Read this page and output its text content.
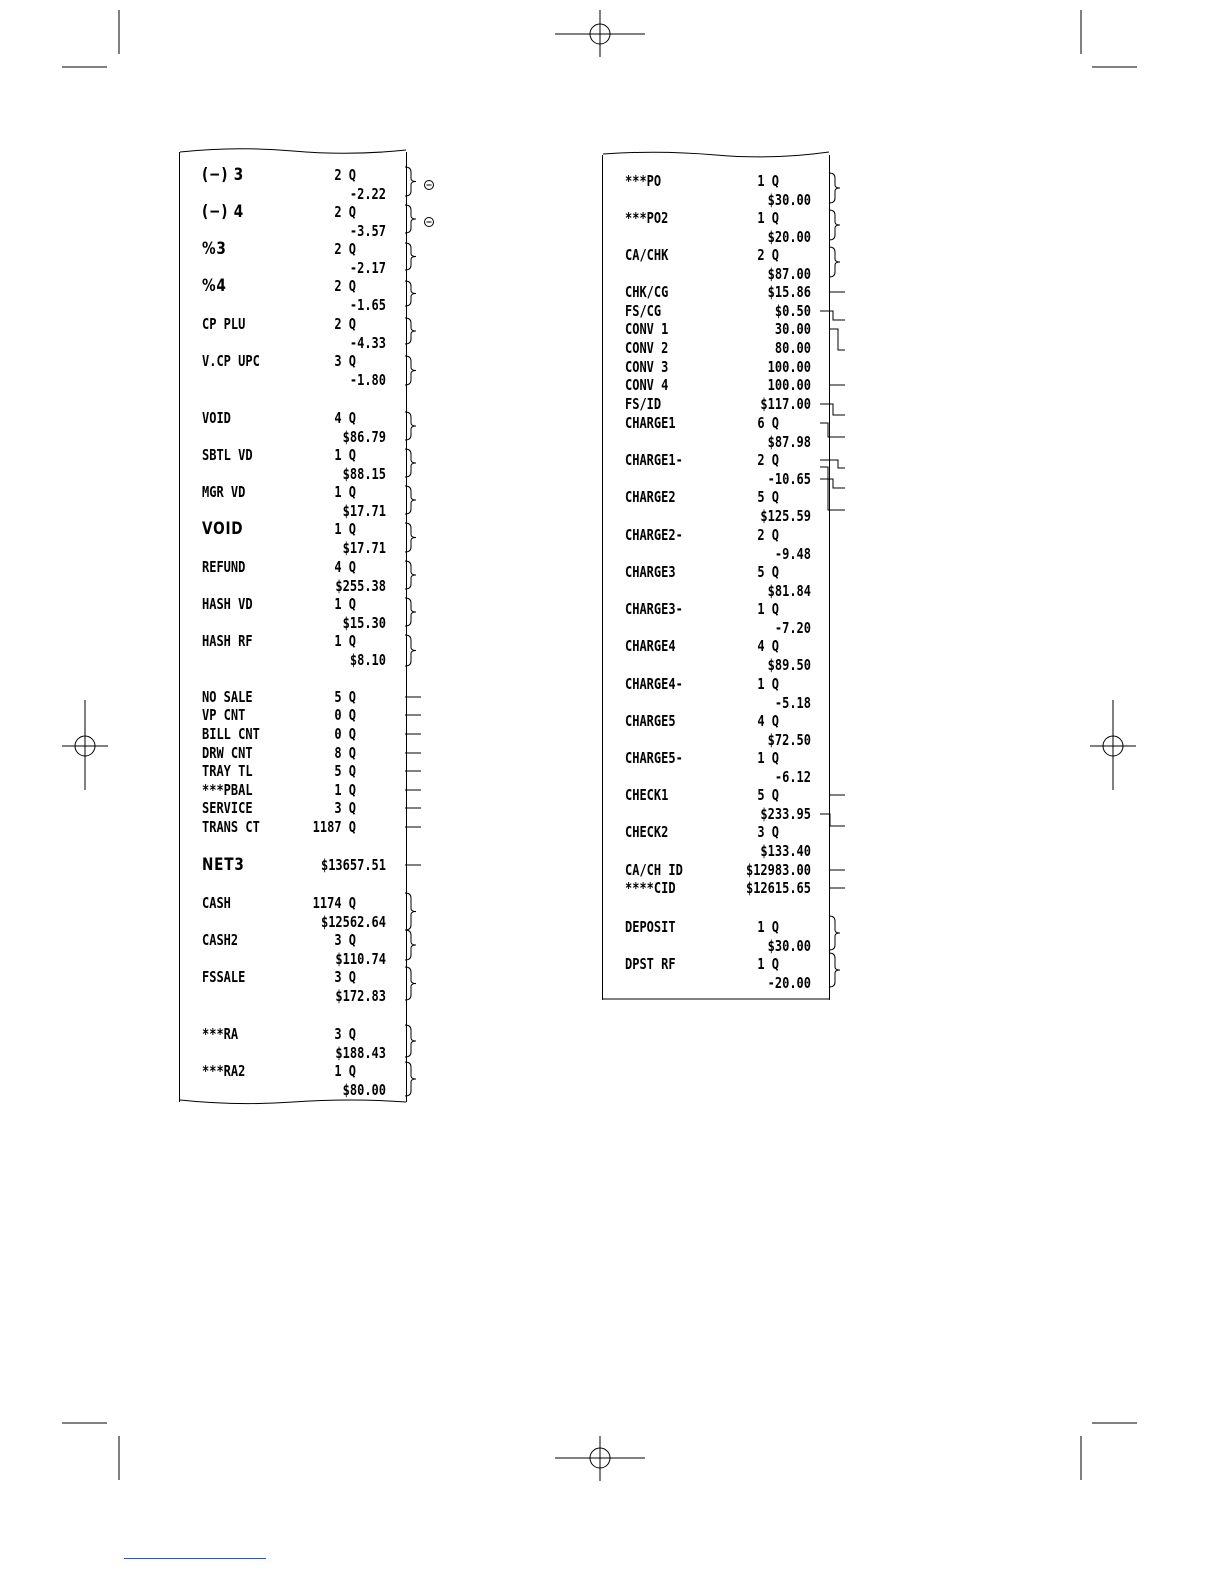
(−) 3	2 Q
-2.22
(−) 4	2 Q
-3.57
%3	2 Q
-2.17
%4	2 Q
-1.65
CP PLU	2 Q
-4.33
V.CP UPC	3 Q
-1.80
VOID	4 Q
$86.79
SBTL VD	1 Q
$88.15
MGR VD	1 Q
$17.71
VOID	1 Q
$17.71
REFUND	4 Q
$255.38
HASH VD	1 Q
$15.30
HASH RF	1 Q
$8.10
NO SALE	5 Q
VP CNT	0 Q
BILL CNT	0 Q
DRW CNT	8 Q
TRAY TL	5 Q
***PBAL	1 Q
SERVICE	3 Q
TRANS CT	1187 Q
NET3	$13657.51
CASH	1174 Q
$12562.64
CASH2	3 Q
$110.74
FSSALE	3 Q
$172.83
***RA	3 Q
$188.43
***RA2	1 Q
$80.00
***PO	1 Q
$30.00
***PO2	1 Q
$20.00
CA/CHK	2 Q
$87.00
CHK/CG	$15.86
FS/CG	$0.50
CONV 1	30.00
CONV 2	80.00
CONV 3	100.00
CONV 4	100.00
FS/ID	$117.00
CHARGE1	6 Q
$87.98
CHARGE1-	2 Q
-10.65
CHARGE2	5 Q
$125.59
CHARGE2-	2 Q
-9.48
CHARGE3	5 Q
$81.84
CHARGE3-	1 Q
-7.20
CHARGE4	4 Q
$89.50
CHARGE4-	1 Q
-5.18
CHARGE5	4 Q
$72.50
CHARGE5-	1 Q
-6.12
CHECK1	5 Q
$233.95
CHECK2	3 Q
$133.40
CA/CH ID	$12983.00
****CID	$12615.65
DEPOSIT	1 Q
$30.00
DPST RF	1 Q
-20.00
